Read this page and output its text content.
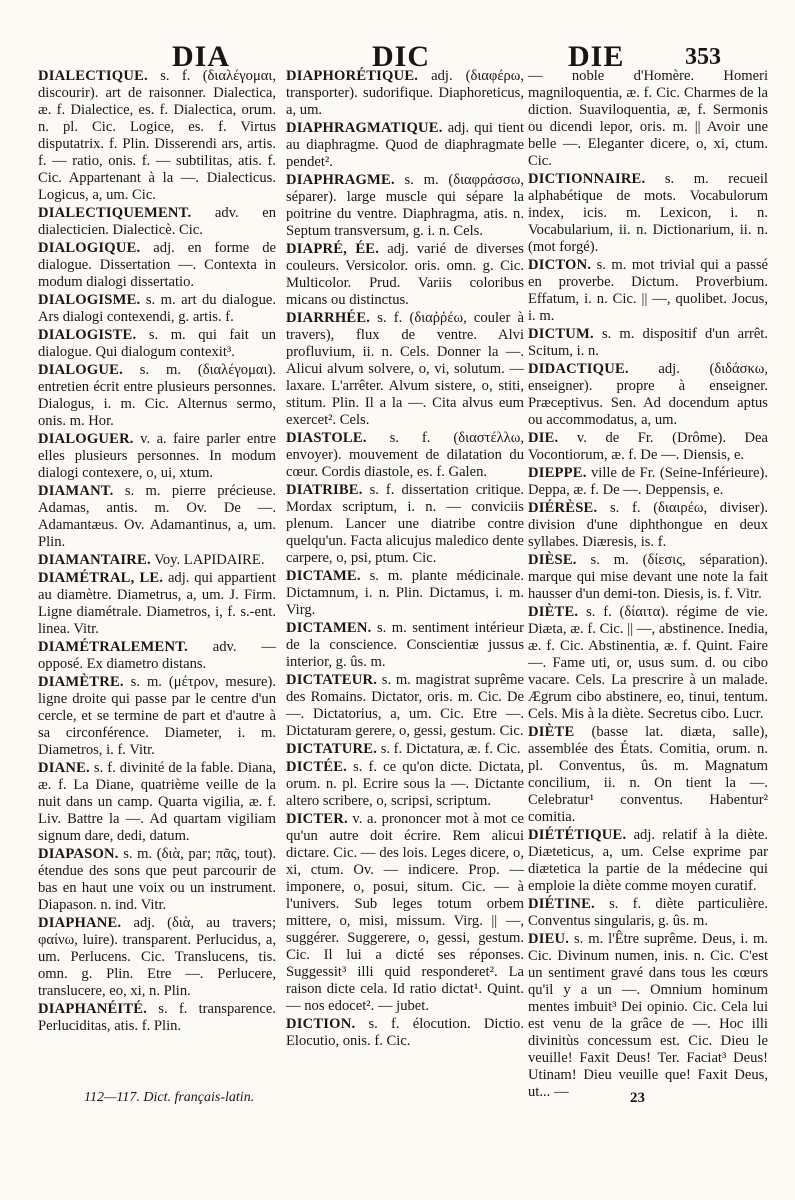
DIA	DIC	DIE	353

DIALECTIQUE. s. f. (διαλέγομαι, discourir). art de raisonner. Dialectica, æ. f. Dialectice, es. f. Dialectica, orum. n. pl. Cic. Logice, es. f. Virtus disputatrix. f. Plin. Disserendi ars, artis. f. — ratio, onis. f. — subtilitas, atis. f. Cic. Appartenant à la —. Dialecticus. Logicus, a, um. Cic.

DIALECTIQUEMENT. adv. en dialecticien. Dialecticè. Cic.

DIALOGIQUE. adj. en forme de dialogue. Dissertation —. Contexta in modum dialogi dissertatio.

DIALOGISME. s. m. art du dialogue. Ars dialogi contexendi, g. artis. f.

DIALOGISTE. s. m. qui fait un dialogue. Qui dialogum contexit³.

DIALOGUE. s. m. (διαλέγομαι). entretien écrit entre plusieurs personnes. Dialogus, i. m. Cic. Alternus sermo, onis. m. Hor.

DIALOGUER. v. a. faire parler entre elles plusieurs personnes. In modum dialogi contexere, o, ui, xtum.

DIAMANT. s. m. pierre précieuse. Adamas, antis. m. Ov. De —. Adamantæus. Ov. Adamantinus, a, um. Plin.

DIAMANTAIRE. Voy. LAPIDAIRE.

DIAMÉTRAL, LE. adj. qui appartient au diamètre. Diametrus, a, um. J. Firm. Ligne diamétrale. Diametros, i, f. s.-ent. linea. Vitr.

DIAMÉTRALEMENT. adv. — opposé. Ex diametro distans.

DIAMÈTRE. s. m. (μέτρον, mesure). ligne droite qui passe par le centre d'un cercle, et se termine de part et d'autre à sa circonférence. Diameter, i. m. Diametros, i. f. Vitr.

DIANE. s. f. divinité de la fable. Diana, æ. f. La Diane, quatrième veille de la nuit dans un camp. Quarta vigilia, æ. f. Liv. Battre la —. Ad quartam vigiliam signum dare, dedi, datum.

DIAPASON. s. m. (διὰ, par; πᾶς, tout). étendue des sons que peut parcourir de bas en haut une voix ou un instrument. Diapason. n. ind. Vitr.

DIAPHANE. adj. (διὰ, au travers; φαίνω, luire). transparent. Perlucidus, a, um. Perlucens. Cic. Translucens, tis. omn. g. Plin. Etre —. Perlucere, translucere, eo, xi, n. Plin.

DIAPHANÉITÉ. s. f. transparence. Perluciditas, atis. f. Plin.

DIAPHORÉTIQUE. adj. (διαφέρω, transporter). sudorifique. Diaphoreticus, a, um.

DIAPHRAGMATIQUE. adj. qui tient au diaphragme. Quod de diaphragmate pendet².

DIAPHRAGME. s. m. (διαφράσσω, séparer). large muscle qui sépare la poitrine du ventre. Diaphragma, atis. n. Septum transversum, g. i. n. Cels.

DIAPRÉ, ÉE. adj. varié de diverses couleurs. Versicolor. oris. omn. g. Cic. Multicolor. Prud. Variis coloribus micans ou distinctus.

DIARRHÉE. s. f. (διαῤῥέω, couler à travers), flux de ventre. Alvi profluvium, ii. n. Cels. Donner la —. Alicui alvum solvere, o, vi, solutum. — laxare. L'arrêter. Alvum sistere, o, stiti, stitum. Plin. Il a la —. Cita alvus eum exercet². Cels.

DIASTOLE. s. f. (διαστέλλω, envoyer). mouvement de dilatation du cœur. Cordis diastole, es. f. Galen.

DIATRIBE. s. f. dissertation critique. Mordax scriptum, i. n. — conviciis plenum. Lancer une diatribe contre quelqu'un. Facta alicujus maledico dente carpere, o, psi, ptum. Cic.

DICTAME. s. m. plante médicinale. Dictamnum, i. n. Plin. Dictamus, i. m. Virg.

DICTAMEN. s. m. sentiment intérieur de la conscience. Conscientiæ jussus interior, g. ûs. m.

DICTATEUR. s. m. magistrat suprême des Romains. Dictator, oris. m. Cic. De —. Dictatorius, a, um. Cic. Etre —. Dictaturam gerere, o, gessi, gestum. Cic.

DICTATURE. s. f. Dictatura, æ. f. Cic.

DICTÉE. s. f. ce qu'on dicte. Dictata, orum. n. pl. Ecrire sous la —. Dictante altero scribere, o, scripsi, scriptum.

DICTER. v. a. prononcer mot à mot ce qu'un autre doit écrire. Rem alicui dictare. Cic. — des lois. Leges dicere, o, xi, ctum. Ov. — indicere. Prop. — imponere, o, posui, situm. Cic. — à l'univers. Sub leges totum orbem mittere, o, misi, missum. Virg. || —, suggérer. Suggerere, o, gessi, gestum. Cic. Il lui a dicté ses réponses. Suggessit³ illi quid responderet². La raison dicte cela. Id ratio dictat¹. Quint. — nos edocet². — jubet.

DICTION. s. f. élocution. Dictio. Elocutio, onis. f. Cic.

— noble d'Homère. Homeri magniloquentia, æ. f. Cic. Charmes de la diction. Suaviloquentia, æ, f. Sermonis ou dicendi lepor, oris. m. || Avoir une belle —. Eleganter dicere, o, xi, ctum. Cic.

DICTIONNAIRE. s. m. recueil alphabétique de mots. Vocabulorum index, icis. m. Lexicon, i. n. Vocabularium, ii. n. Dictionarium, ii. n. (mot forgé).

DICTON. s. m. mot trivial qui a passé en proverbe. Dictum. Proverbium. Effatum, i. n. Cic. || —, quolibet. Jocus, i. m.

DICTUM. s. m. dispositif d'un arrêt. Scitum, i. n.

DIDACTIQUE. adj. (διδάσκω, enseigner). propre à enseigner. Præceptivus. Sen. Ad docendum aptus ou accommodatus, a, um.

DIE. v. de Fr. (Drôme). Dea Vocontiorum, æ. f. De —. Diensis, e.

DIEPPE. ville de Fr. (Seine-Inférieure). Deppa, æ. f. De —. Deppensis, e.

DIÉRÈSE. s. f. (διαιρέω, diviser). division d'une diphthongue en deux syllabes. Diæresis, is. f.

DIÈSE. s. m. (δίεσις, séparation). marque qui mise devant une note la fait hausser d'un demi-ton. Diesis, is. f. Vitr.

DIÈTE. s. f. (δίαιτα). régime de vie. Diæta, æ. f. Cic. || —, abstinence. Inedia, æ. f. Cic. Abstinentia, æ. f. Quint. Faire —. Fame uti, or, usus sum. d. ou cibo vacare. Cels. La prescrire à un malade. Ægrum cibo abstinere, eo, tinui, tentum. Cels. Mis à la diète. Secretus cibo. Lucr.

DIÈTE (basse lat. diæta, salle), assemblée des États. Comitia, orum. n. pl. Conventus, ûs. m. Magnatum concilium, ii. n. On tient la —. Celebratur¹ conventus. Habentur² comitia.

DIÉTÉTIQUE. adj. relatif à la diète. Diæteticus, a, um. Celse exprime par diætetica la partie de la médecine qui emploie la diète comme moyen curatif.

DIÉTINE. s. f. diète particulière. Conventus singularis, g. ûs. m.

DIEU. s. m. l'Être suprême. Deus, i. m. Cic. Divinum numen, inis. n. Cic. C'est un sentiment gravé dans tous les cœurs qu'il y a un —. Omnium hominum mentes imbuit³ Dei opinio. Cic. Cela lui est venu de la grâce de —. Hoc illi divinitùs concessum est. Cic. Dieu le veuille! Faxit Deus! Ter. Faciat³ Deus! Utinam! Dieu veuille que! Faxit Deus, ut... —

112—117. Dict. français-latin.	23
